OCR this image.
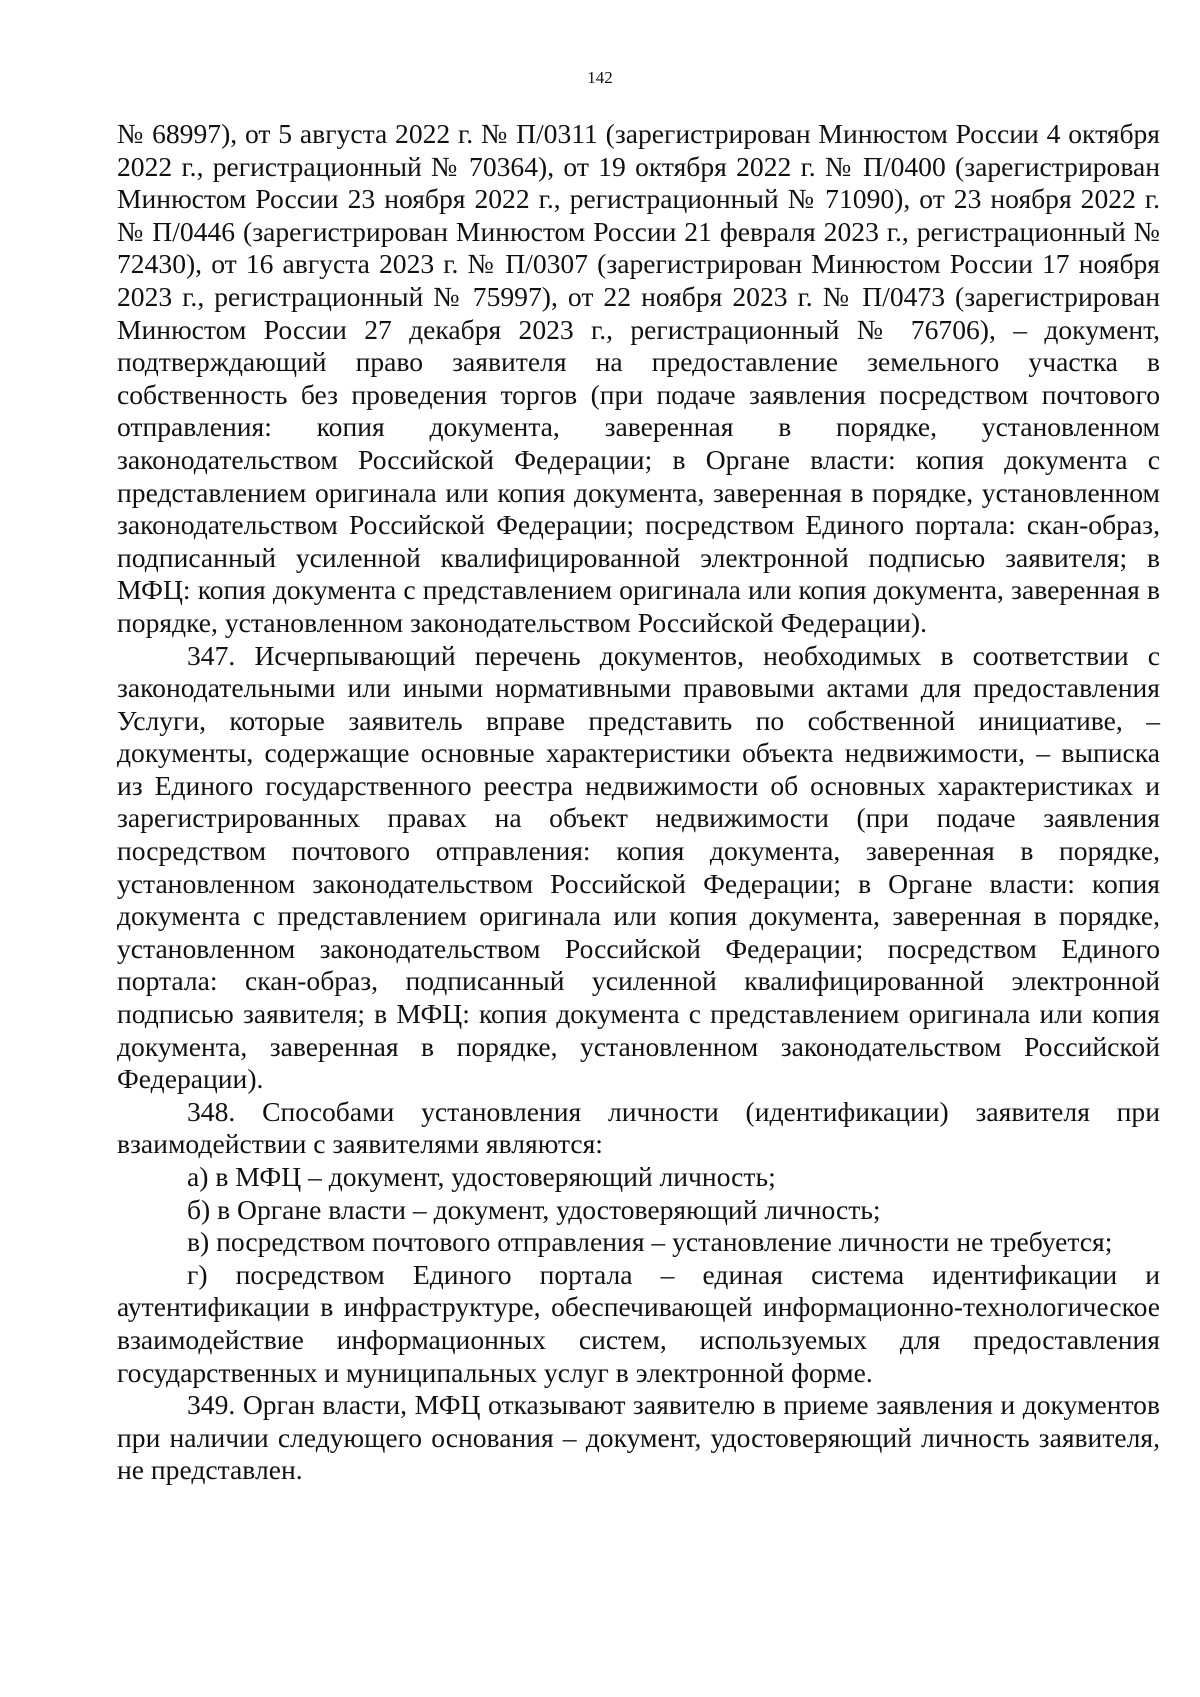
142

№ 68997), от 5 августа 2022 г. № П/0311 (зарегистрирован Минюстом России 4 октября 2022 г., регистрационный № 70364), от 19 октября 2022 г. № П/0400 (зарегистрирован Минюстом России 23 ноября 2022 г., регистрационный № 71090), от 23 ноября 2022 г. № П/0446 (зарегистрирован Минюстом России 21 февраля 2023 г., регистрационный № 72430), от 16 августа 2023 г. № П/0307 (зарегистрирован Минюстом России 17 ноября 2023 г., регистрационный № 75997), от 22 ноября 2023 г. № П/0473 (зарегистрирован Минюстом России 27 декабря 2023 г., регистрационный № 76706), – документ, подтверждающий право заявителя на предоставление земельного участка в собственность без проведения торгов (при подаче заявления посредством почтового отправления: копия документа, заверенная в порядке, установленном законодательством Российской Федерации; в Органе власти: копия документа с представлением оригинала или копия документа, заверенная в порядке, установленном законодательством Российской Федерации; посредством Единого портала: скан-образ, подписанный усиленной квалифицированной электронной подписью заявителя; в МФЦ: копия документа с представлением оригинала или копия документа, заверенная в порядке, установленном законодательством Российской Федерации).

347. Исчерпывающий перечень документов, необходимых в соответствии с законодательными или иными нормативными правовыми актами для предоставления Услуги, которые заявитель вправе представить по собственной инициативе, – документы, содержащие основные характеристики объекта недвижимости, – выписка из Единого государственного реестра недвижимости об основных характеристиках и зарегистрированных правах на объект недвижимости (при подаче заявления посредством почтового отправления: копия документа, заверенная в порядке, установленном законодательством Российской Федерации; в Органе власти: копия документа с представлением оригинала или копия документа, заверенная в порядке, установленном законодательством Российской Федерации; посредством Единого портала: скан-образ, подписанный усиленной квалифицированной электронной подписью заявителя; в МФЦ: копия документа с представлением оригинала или копия документа, заверенная в порядке, установленном законодательством Российской Федерации).

348. Способами установления личности (идентификации) заявителя при взаимодействии с заявителями являются:

а) в МФЦ – документ, удостоверяющий личность;

б) в Органе власти – документ, удостоверяющий личность;

в) посредством почтового отправления – установление личности не требуется;

г) посредством Единого портала – единая система идентификации и аутентификации в инфраструктуре, обеспечивающей информационно-технологическое взаимодействие информационных систем, используемых для предоставления государственных и муниципальных услуг в электронной форме.

349. Орган власти, МФЦ отказывают заявителю в приеме заявления и документов при наличии следующего основания – документ, удостоверяющий личность заявителя, не представлен.
